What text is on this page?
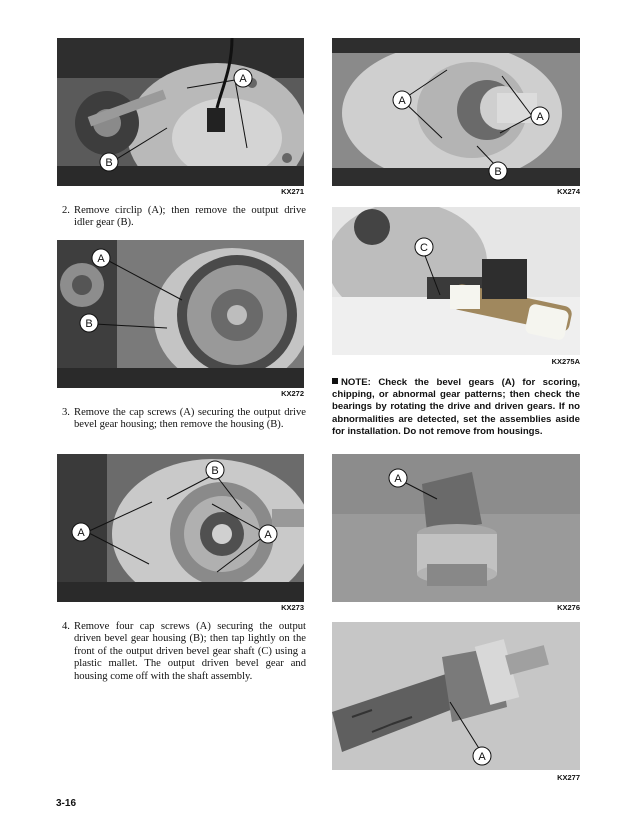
A
B
KX271
2. Remove circlip (A); then remove the output drive idler gear (B).
A
B
KX272
3. Remove the cap screws (A) securing the output drive bevel gear housing; then remove the housing (B).
B
A	A
KX273
4. Remove four cap screws (A) securing the output driven bevel gear housing (B); then tap lightly on the front of the output driven bevel gear shaft (C) using a plastic mallet. The output driven bevel gear and housing come off with the shaft assembly.
A
A
B
KX274
C
KX275A
NOTE: Check the bevel gears (A) for scoring, chipping, or abnormal gear patterns; then check the bearings by rotating the drive and driven gears. If no abnormalities are detected, set the assemblies aside for installation. Do not remove from housings.
A
KX276
A
KX277
3-16
